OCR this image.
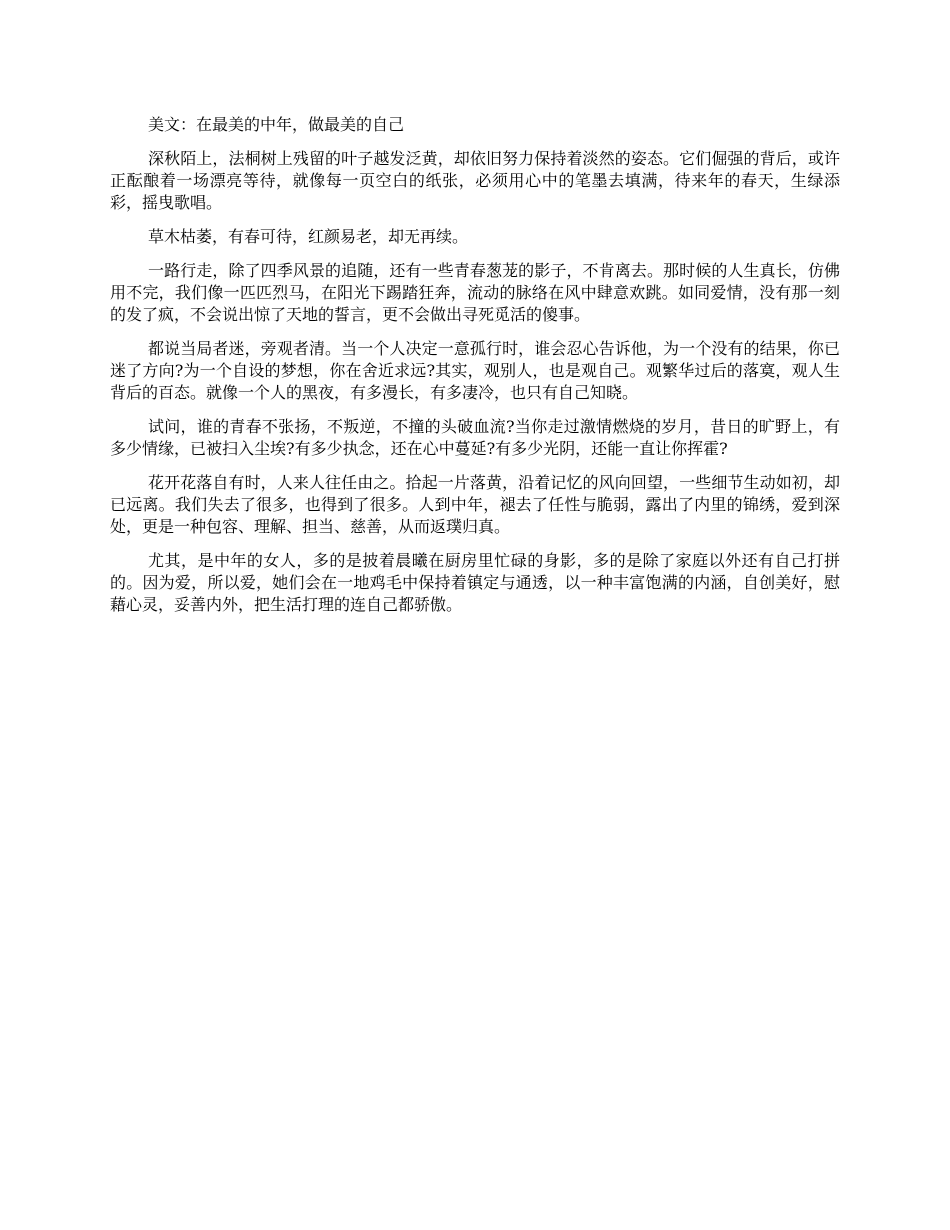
美文：在最美的中年，做最美的自己

深秋陌上，法桐树上残留的叶子越发泛黄，却依旧努力保持着淡然的姿态。它们倔强的背后，或许正酝酿着一场漂亮等待，就像每一页空白的纸张，必须用心中的笔墨去填满，待来年的春天，生绿添彩，摇曳歌唱。

草木枯萎，有春可待，红颜易老，却无再续。

一路行走，除了四季风景的追随，还有一些青春葱茏的影子，不肯离去。那时候的人生真长，仿佛用不完，我们像一匹匹烈马，在阳光下踢踏狂奔，流动的脉络在风中肆意欢跳。如同爱情，没有那一刻的发了疯，不会说出惊了天地的誓言，更不会做出寻死觅活的傻事。

都说当局者迷，旁观者清。当一个人决定一意孤行时，谁会忍心告诉他，为一个没有的结果，你已迷了方向?为一个自设的梦想，你在舍近求远?其实，观别人，也是观自己。观繁华过后的落寞，观人生背后的百态。就像一个人的黑夜，有多漫长，有多凄冷，也只有自己知晓。

试问，谁的青春不张扬，不叛逆，不撞的头破血流?当你走过激情燃烧的岁月，昔日的旷野上，有多少情缘，已被扫入尘埃?有多少执念，还在心中蔓延?有多少光阴，还能一直让你挥霍?

花开花落自有时，人来人往任由之。拾起一片落黄，沿着记忆的风向回望，一些细节生动如初，却已远离。我们失去了很多，也得到了很多。人到中年，褪去了任性与脆弱，露出了内里的锦绣，爱到深处，更是一种包容、理解、担当、慈善，从而返璞归真。

尤其，是中年的女人，多的是披着晨曦在厨房里忙碌的身影，多的是除了家庭以外还有自己打拼的。因为爱，所以爱，她们会在一地鸡毛中保持着镇定与通透，以一种丰富饱满的内涵，自创美好，慰藉心灵，妥善内外，把生活打理的连自己都骄傲。
